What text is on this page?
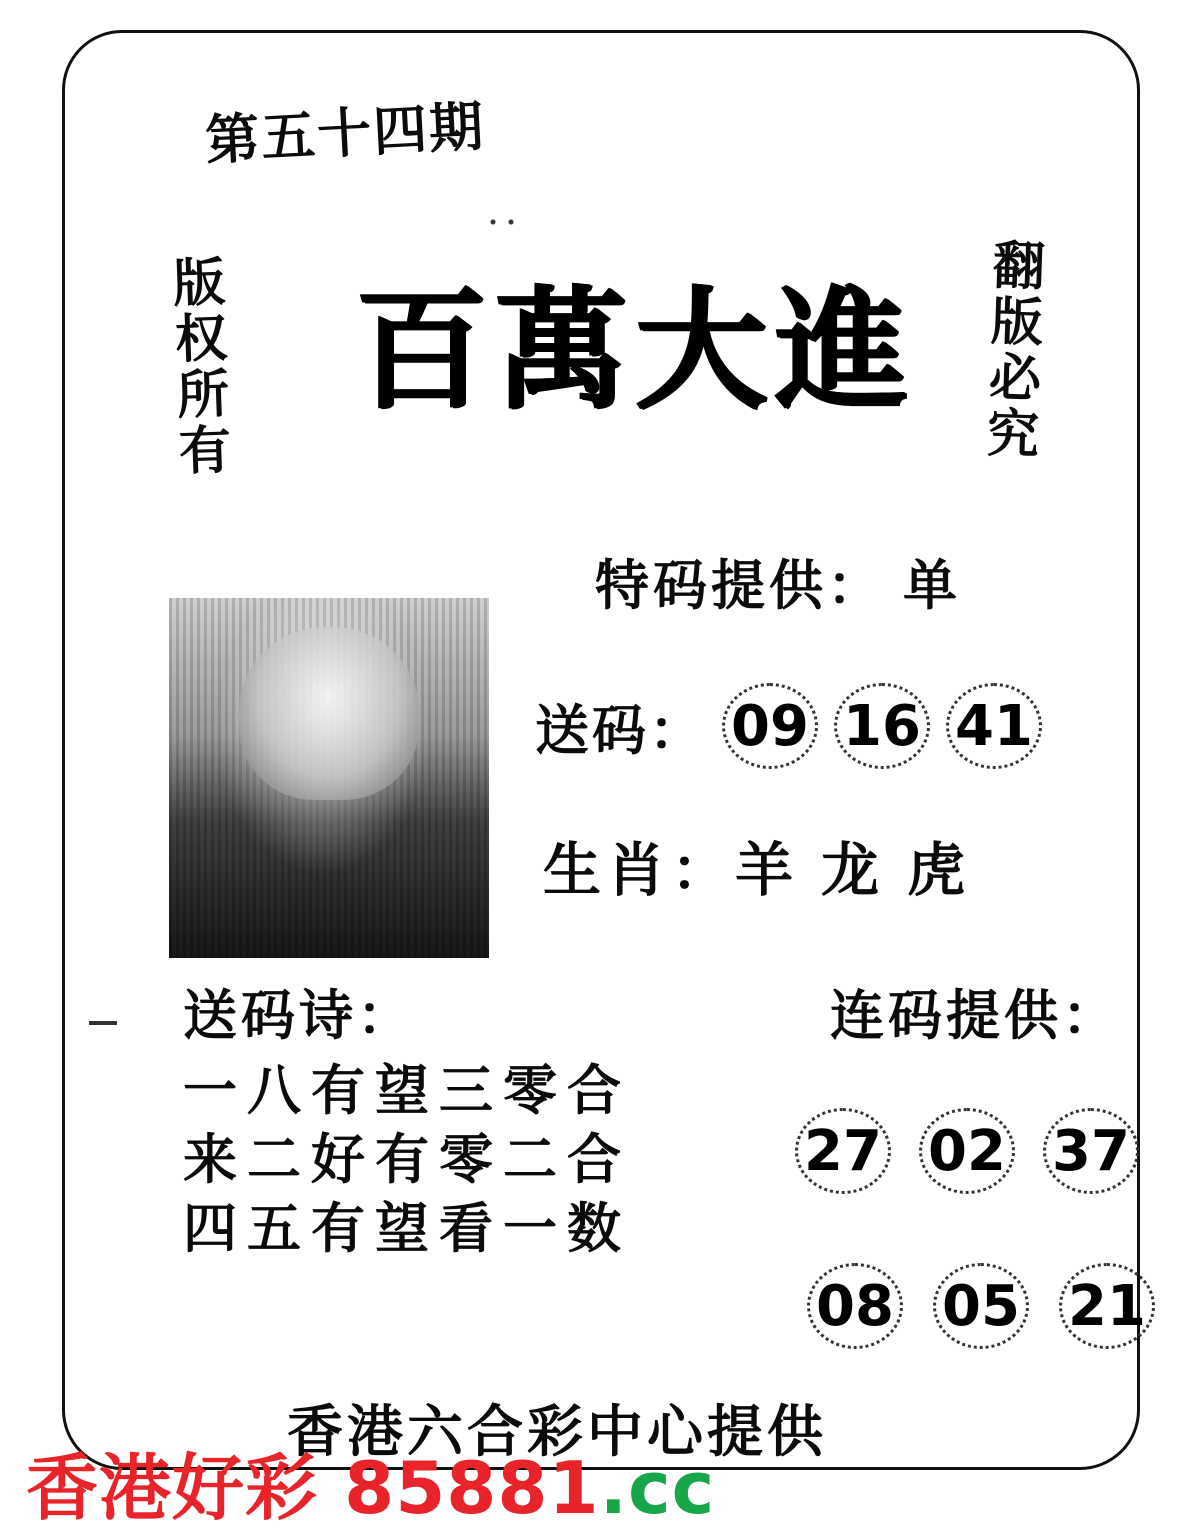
第五十四期
版权所有	翻版必究
百萬大進
特码提供： 单
送码： 09 16 41
生肖：羊 龙 虎
送码诗：
一八有望三零合
来二好有零二合
四五有望看一数
连码提供：
27 02 37
08 05 21
香港六合彩中心提供
香港好彩 85881.cc
